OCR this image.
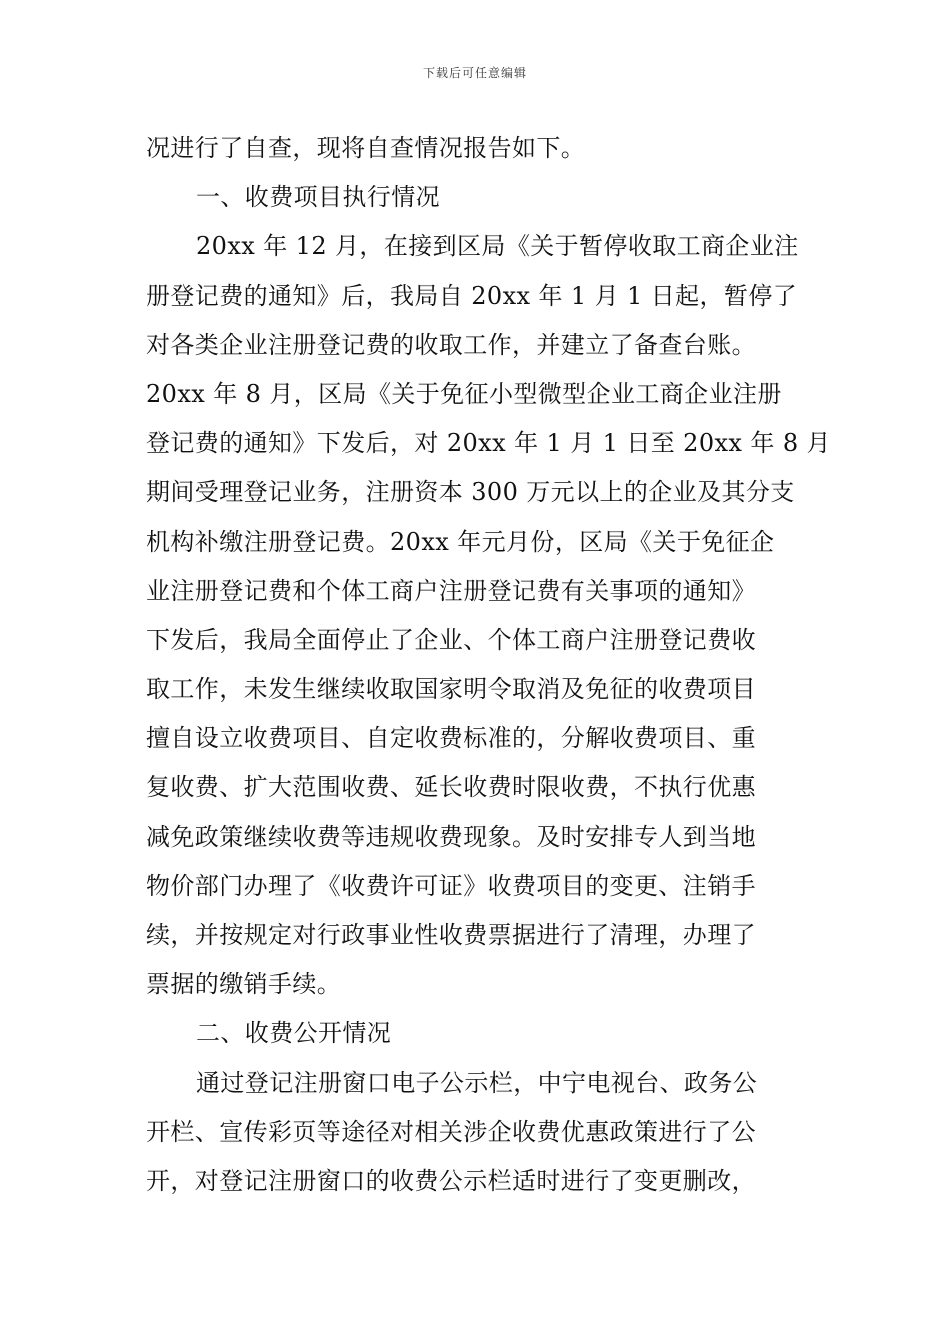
下载后可任意编辑
况进行了自查，现将自查情况报告如下。
一、收费项目执行情况
20xx 年 12 月，在接到区局《关于暂停收取工商企业注
册登记费的通知》后，我局自 20xx 年 1 月 1 日起，暂停了
对各类企业注册登记费的收取工作，并建立了备查台账。
20xx 年 8 月，区局《关于免征小型微型企业工商企业注册
登记费的通知》下发后，对 20xx 年 1 月 1 日至 20xx 年 8 月
期间受理登记业务，注册资本 300 万元以上的企业及其分支
机构补缴注册登记费。20xx 年元月份，区局《关于免征企
业注册登记费和个体工商户注册登记费有关事项的通知》
下发后，我局全面停止了企业、个体工商户注册登记费收
取工作，未发生继续收取国家明令取消及免征的收费项目
擅自设立收费项目、自定收费标准的，分解收费项目、重
复收费、扩大范围收费、延长收费时限收费，不执行优惠
减免政策继续收费等违规收费现象。及时安排专人到当地
物价部门办理了《收费许可证》收费项目的变更、注销手
续，并按规定对行政事业性收费票据进行了清理，办理了
票据的缴销手续。
二、收费公开情况
通过登记注册窗口电子公示栏，中宁电视台、政务公
开栏、宣传彩页等途径对相关涉企收费优惠政策进行了公
开，对登记注册窗口的收费公示栏适时进行了变更删改，
